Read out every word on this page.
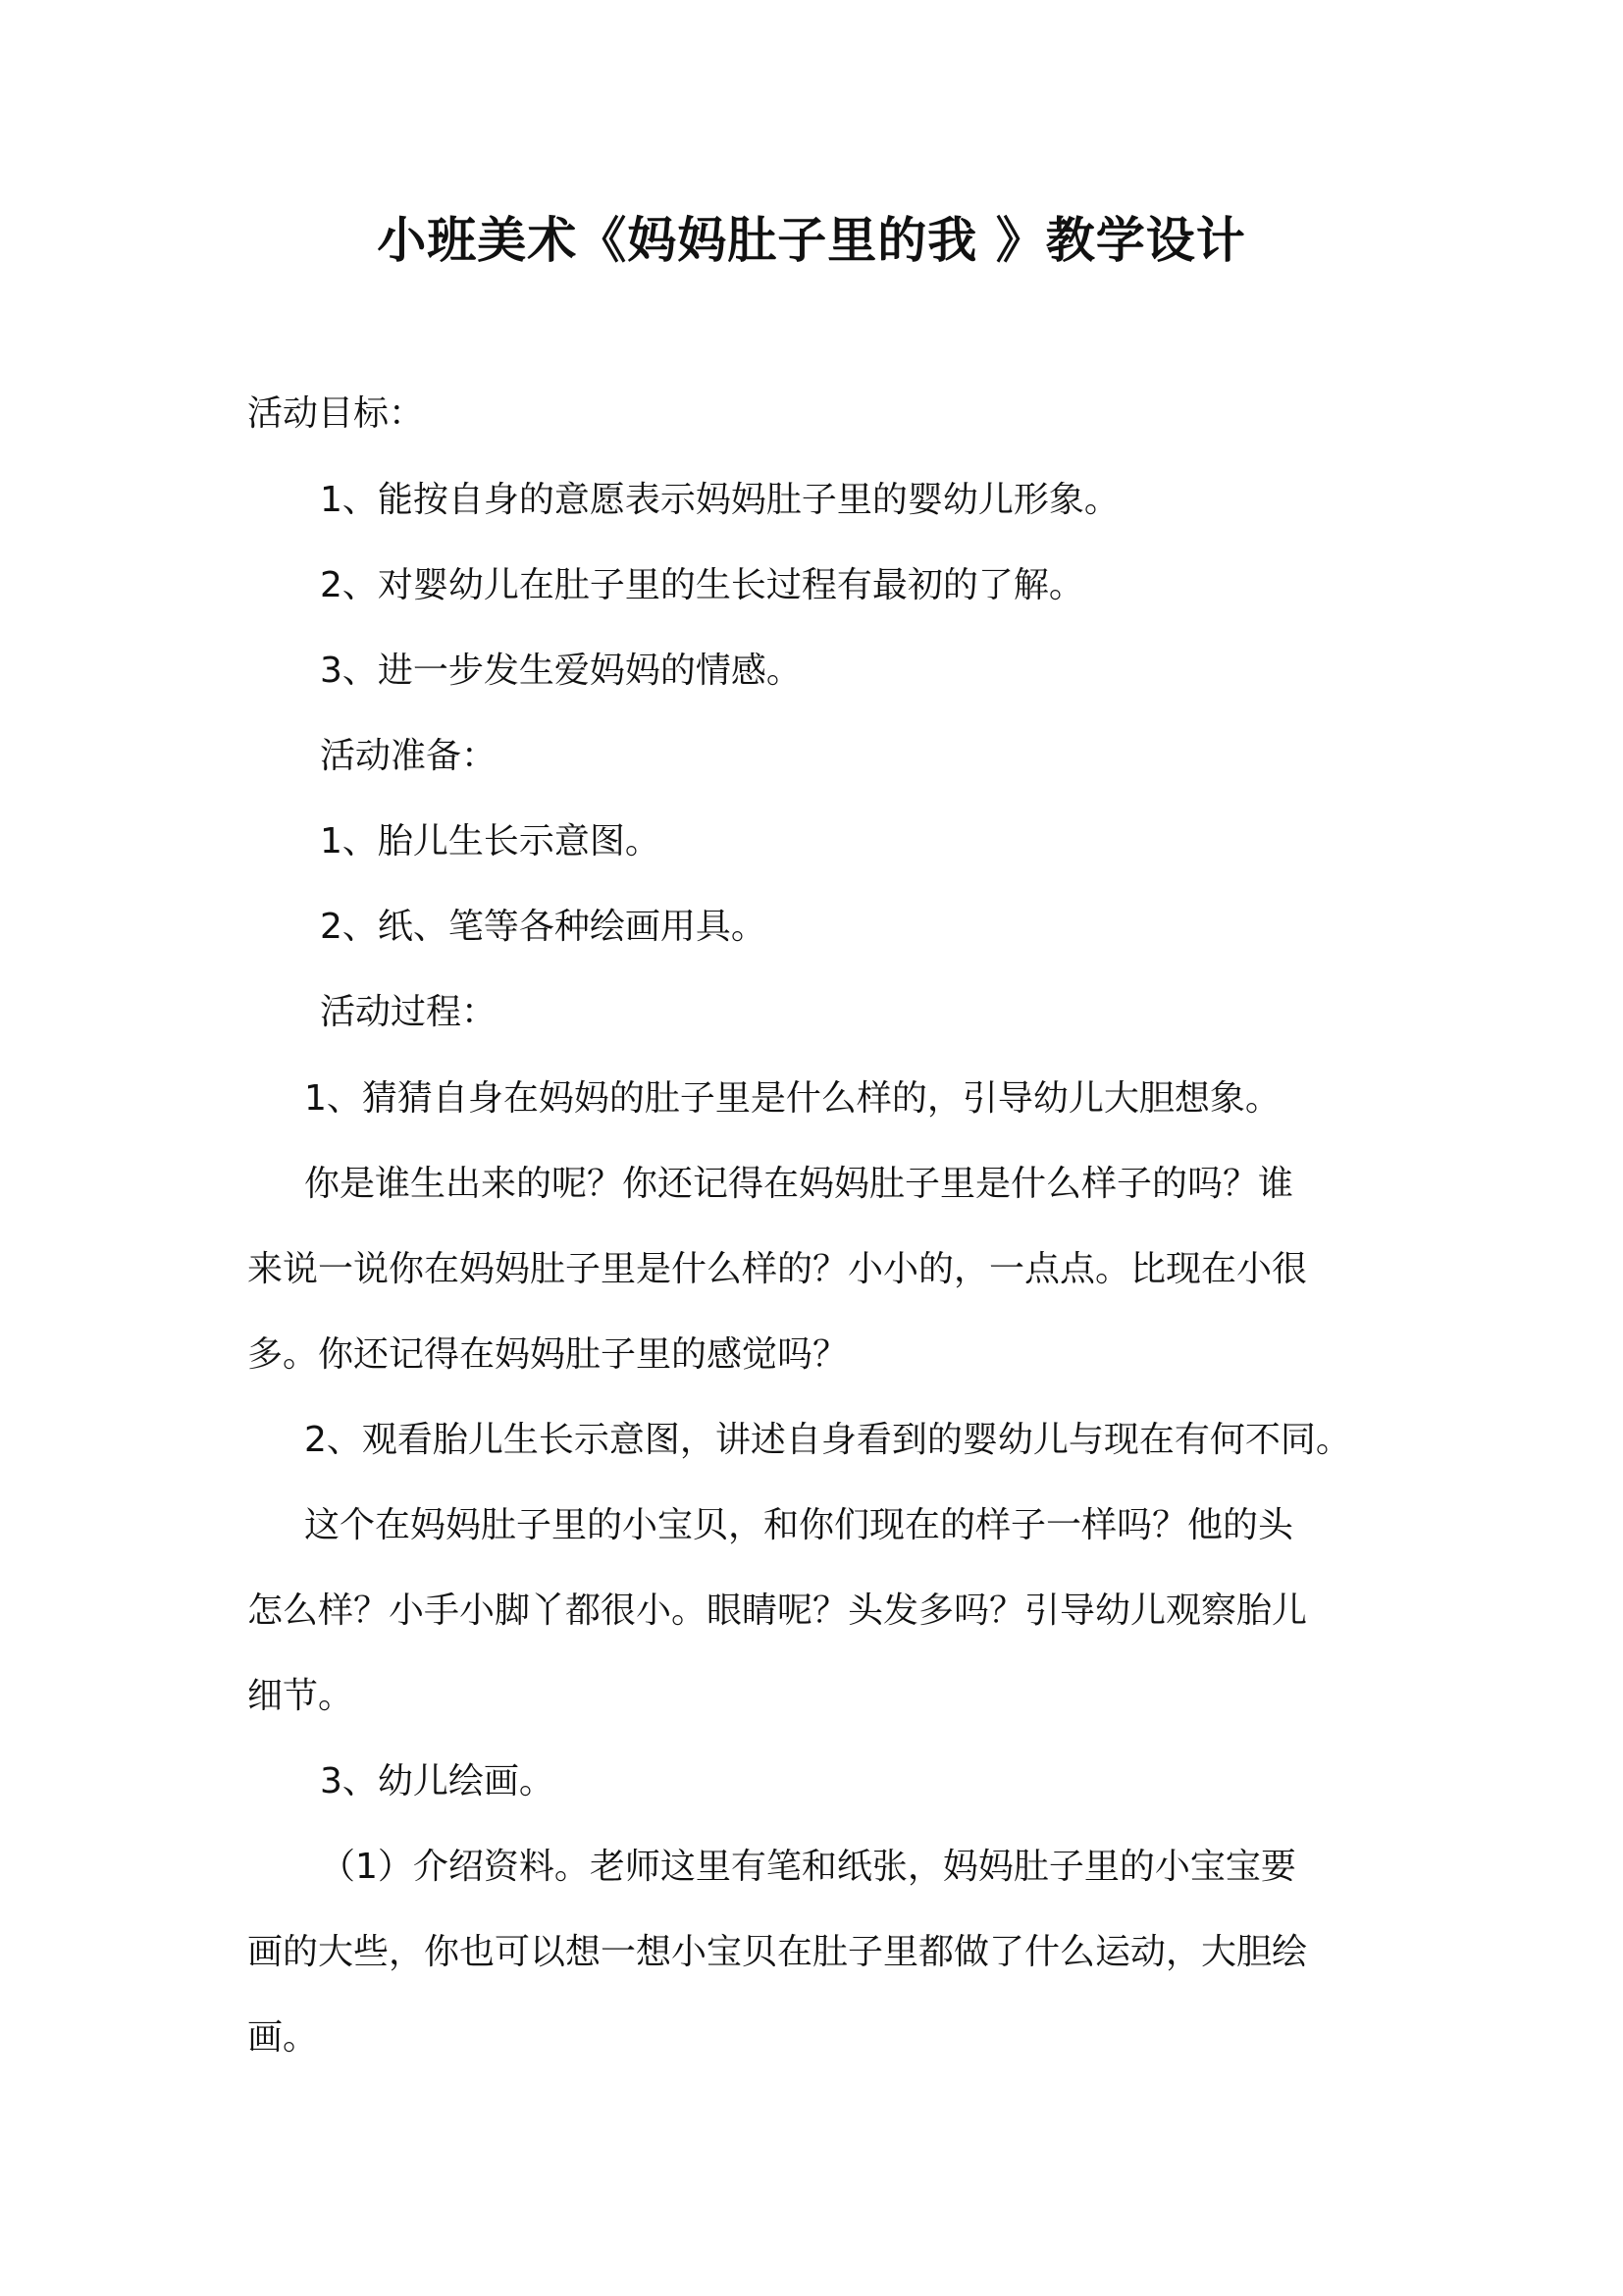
小班美术《妈妈肚子里的我 》教学设计
活动目标：
1、能按自身的意愿表示妈妈肚子里的婴幼儿形象。
2、对婴幼儿在肚子里的生长过程有最初的了解。
3、进一步发生爱妈妈的情感。
活动准备：
1、胎儿生长示意图。
2、纸、笔等各种绘画用具。
活动过程：
1、猜猜自身在妈妈的肚子里是什么样的，引导幼儿大胆想象。
你是谁生出来的呢？你还记得在妈妈肚子里是什么样子的吗？谁
来说一说你在妈妈肚子里是什么样的？小小的，一点点。比现在小很
多。你还记得在妈妈肚子里的感觉吗？
2、观看胎儿生长示意图，讲述自身看到的婴幼儿与现在有何不同。
这个在妈妈肚子里的小宝贝，和你们现在的样子一样吗？他的头
怎么样？小手小脚丫都很小。眼睛呢？头发多吗？引导幼儿观察胎儿
细节。
3、幼儿绘画。
（1）介绍资料。老师这里有笔和纸张，妈妈肚子里的小宝宝要
画的大些，你也可以想一想小宝贝在肚子里都做了什么运动，大胆绘
画。
